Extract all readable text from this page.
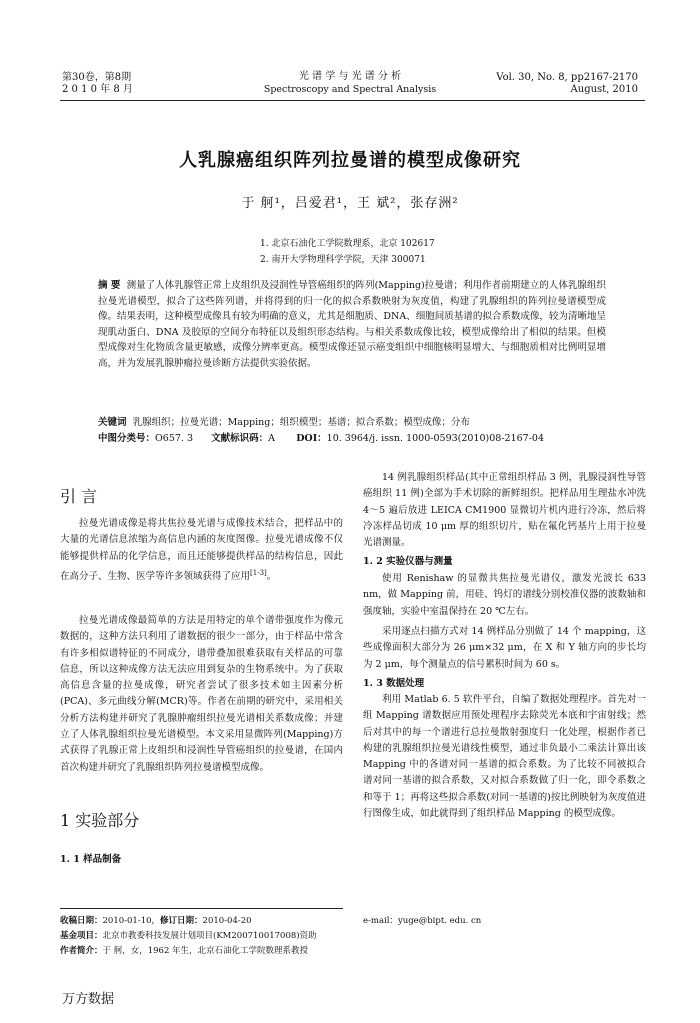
第30卷，第8期
2 0 1 0 年 8 月
光 谱 学 与 光 谱 分 析
Spectroscopy and Spectral Analysis
Vol. 30, No. 8, pp2167-2170
August, 2010
人乳腺癌组织阵列拉曼谱的模型成像研究
于 舸¹，吕爱君¹，王 斌²，张存洲²
1. 北京石油化工学院数理系，北京 102617
2. 南开大学物理科学学院，天津 300071
摘 要 测量了人体乳腺管正常上皮组织及浸润性导管癌组织的阵列(Mapping)拉曼谱；利用作者前期建立的人体乳腺组织拉曼光谱模型，拟合了这些阵列谱，并将得到的归一化的拟合系数映射为灰度值，构建了乳腺组织的阵列拉曼谱模型成像。结果表明，这种模型成像具有较为明确的意义，尤其是细胞质、DNA、细胞间质基谱的拟合系数成像，较为清晰地呈现肌动蛋白、DNA 及胶原的空间分布特征以及组织形态结构。与相关系数成像比较，模型成像给出了相似的结果。但模型成像对生化物质含量更敏感，成像分辨率更高。模型成像还显示癌变组织中细胞核明显增大、与细胞质相对比例明显增高，并为发展乳腺肿瘤拉曼诊断方法提供实验依据。
关键词 乳腺组织；拉曼光谱；Mapping；组织模型；基谱；拟合系数；模型成像；分布
中图分类号：O657. 3 文献标识码：A DOI：10. 3964/j. issn. 1000-0593(2010)08-2167-04
引 言
拉曼光谱成像是将共焦拉曼光谱与成像技术结合，把样品中的大量的光谱信息浓缩为高信息内涵的灰度图像。拉曼光谱成像不仅能够提供样品的化学信息，而且还能够提供样品的结构信息，因此在高分子、生物、医学等许多领域获得了应用[1-3]。
拉曼光谱成像最简单的方法是用特定的单个谱带强度作为像元数据的，这种方法只利用了谱数据的很少一部分，由于样品中常含有许多相似谱特征的不同成分，谱带叠加很难获取有关样品的可靠信息，所以这种成像方法无法应用到复杂的生物系统中。为了获取高信息含量的拉曼成像，研究者尝试了很多技术如主因素分析(PCA)、多元曲线分解(MCR)等。作者在前期的研究中，采用相关分析方法构建并研究了乳腺肿瘤组织拉曼光谱相关系数成像；并建立了人体乳腺组织拉曼光谱模型。本文采用显微阵列(Mapping)方式获得了乳腺正常上皮组织和浸润性导管癌组织的拉曼谱，在国内首次构建并研究了乳腺组织阵列拉曼谱模型成像。
1 实验部分
1. 1 样品制备
收稿日期：2010-01-10，修订日期：2010-04-20
基金项目：北京市教委科技发展计划项目(KM200710017008)资助
作者简介：于 舸，女，1962 年生，北京石油化工学院数理系教授
14 例乳腺组织样品(其中正常组织样品 3 例，乳腺浸润性导管癌组织 11 例)全部为手术切除的新鲜组织。把样品用生理盐水冲洗 4～5 遍后放进 LEICA CM1900 显微切片机内进行冷冻，然后将冷冻样品切成 10 μm 厚的组织切片，贴在氟化钙基片上用于拉曼光谱测量。
1. 2 实验仪器与测量
使用 Renishaw 的显微共焦拉曼光谱仪，激发光波长 633 nm，做 Mapping 前，用硅、钨灯的谱线分别校准仪器的波数轴和强度轴，实验中室温保持在 20 ℃左右。
采用逐点扫描方式对 14 例样品分别做了 14 个 mapping，这些成像面积大部分为 26 μm×32 μm，在 X 和 Y 轴方向的步长均为 2 μm，每个测量点的信号累积时间为 60 s。
1. 3 数据处理
利用 Matlab 6. 5 软件平台，自编了数据处理程序。首先对一组 Mapping 谱数据应用预处理程序去除荧光本底和宇宙射线；然后对其中的每一个谱进行总拉曼散射强度归一化处理，根据作者已构建的乳腺组织拉曼光谱线性模型，通过非负最小二乘法计算出该 Mapping 中的各谱对同一基谱的拟合系数。为了比较不同被拟合谱对同一基谱的拟合系数，又对拟合系数做了归一化，即令系数之和等于 1；再将这些拟合系数(对同一基谱的)按比例映射为灰度值进行图像生成，如此就得到了组织样品 Mapping 的模型成像。
e-mail：yuge@bipt. edu. cn
万方数据
